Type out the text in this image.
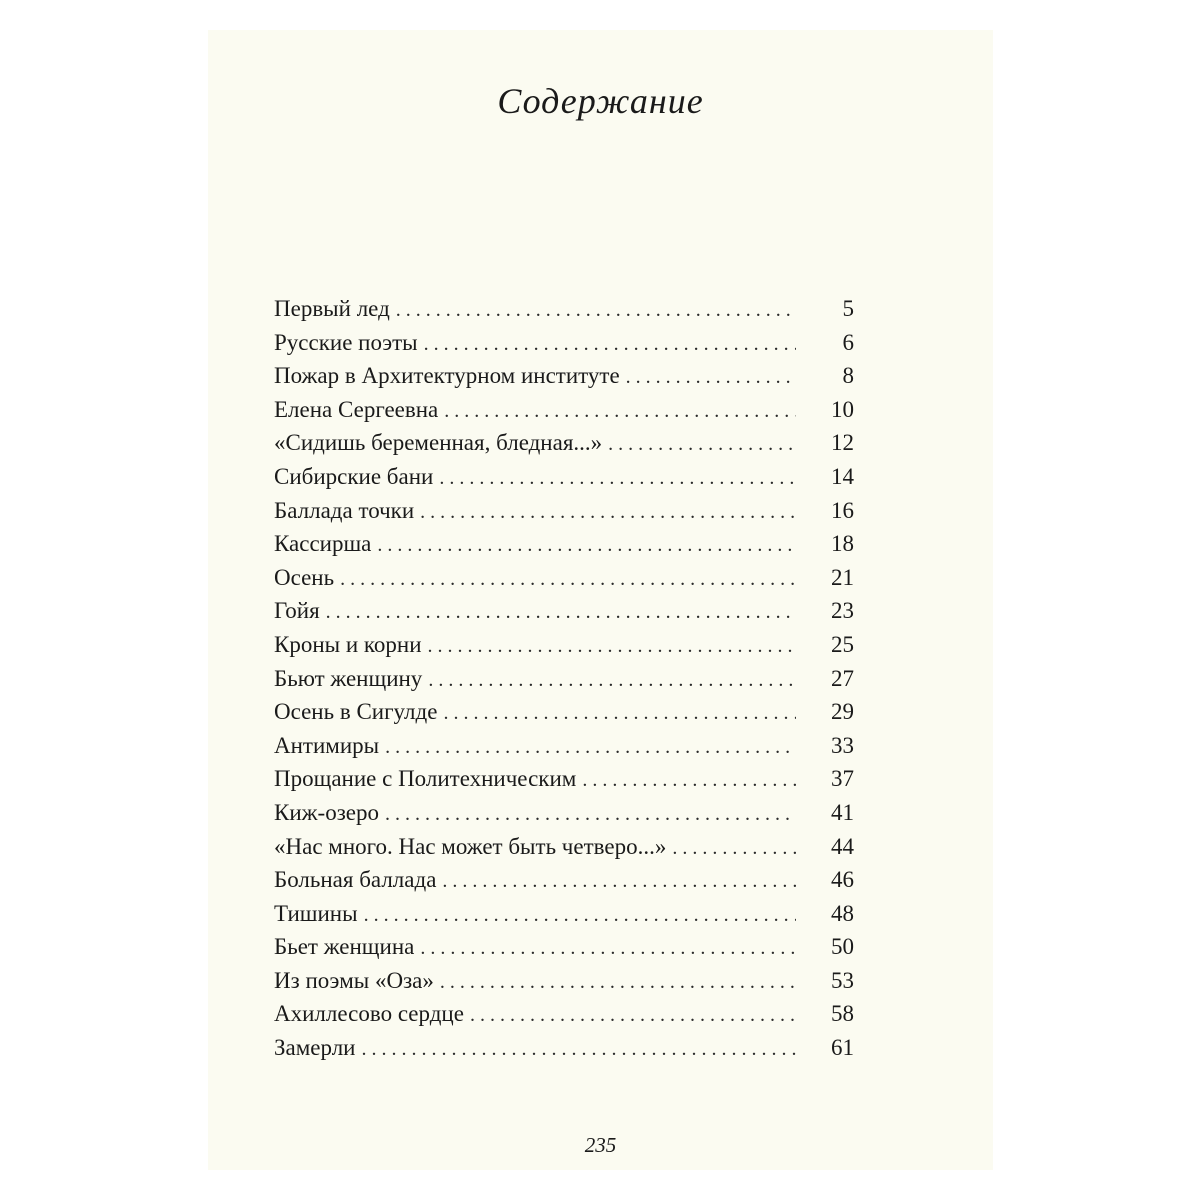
Содержание
Первый лед . . .	5
Русские поэты . . .	6
Пожар в Архитектурном институте . . .	8
Елена Сергеевна . . .	10
«Сидишь беременная, бледная...» . . .	12
Сибирские бани . . .	14
Баллада точки . . .	16
Кассирша . . .	18
Осень . . .	21
Гойя . . .	23
Кроны и корни . . .	25
Бьют женщину . . .	27
Осень в Сигулде . . .	29
Антимиры . . .	33
Прощание с Политехническим . . .	37
Киж-озеро . . .	41
«Нас много. Нас может быть четверо...» . . .	44
Больная баллада . . .	46
Тишины . . .	48
Бьет женщина . . .	50
Из поэмы «Оза» . . .	53
Ахиллесово сердце . . .	58
Замерли . . .	61
235
